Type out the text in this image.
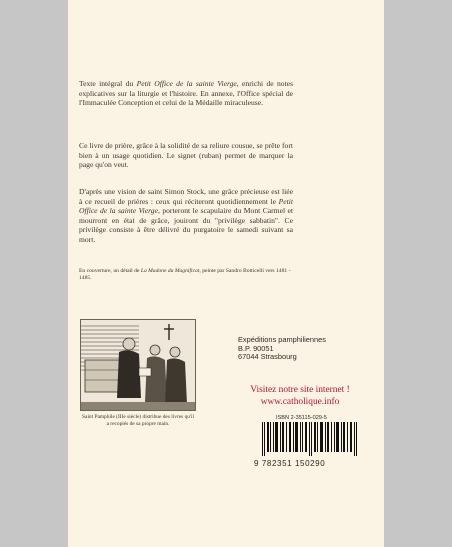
Texte intégral du Petit Office de la sainte Vierge, enrichi de notes explicatives sur la liturgie et l'histoire. En annexe, l'Office spécial de l'Immaculée Conception et celui de la Médaille miraculeuse.
Ce livre de prière, grâce à la solidité de sa reliure cousue, se prête fort bien à un usage quotidien. Le signet (ruban) permet de marquer la page qu'on veut.
D'après une vision de saint Simon Stock, une grâce précieuse est liée à ce recueil de prières : ceux qui réciteront quotidiennement le Petit Office de la sainte Vierge, porteront le scapulaire du Mont Carmel et mourront en état de grâce, jouiront du "privilège sabbatin". Ce privilège consiste à être délivré du purgatoire le samedi suivant sa mort.
En couverture, un détail de La Madone du Magnificat, peinte par Sandro Botticelli vers 1481 - 1485.
Saint Pamphile (IIIe siècle) distribue des livres qu'il a recopiés de sa propre main.
Expéditions pamphiliennes
B.P. 90051
67044 Strasbourg
Visitez notre site internet !
www.catholique.info
ISBN 2-35115-029-5
9 782351 150290
